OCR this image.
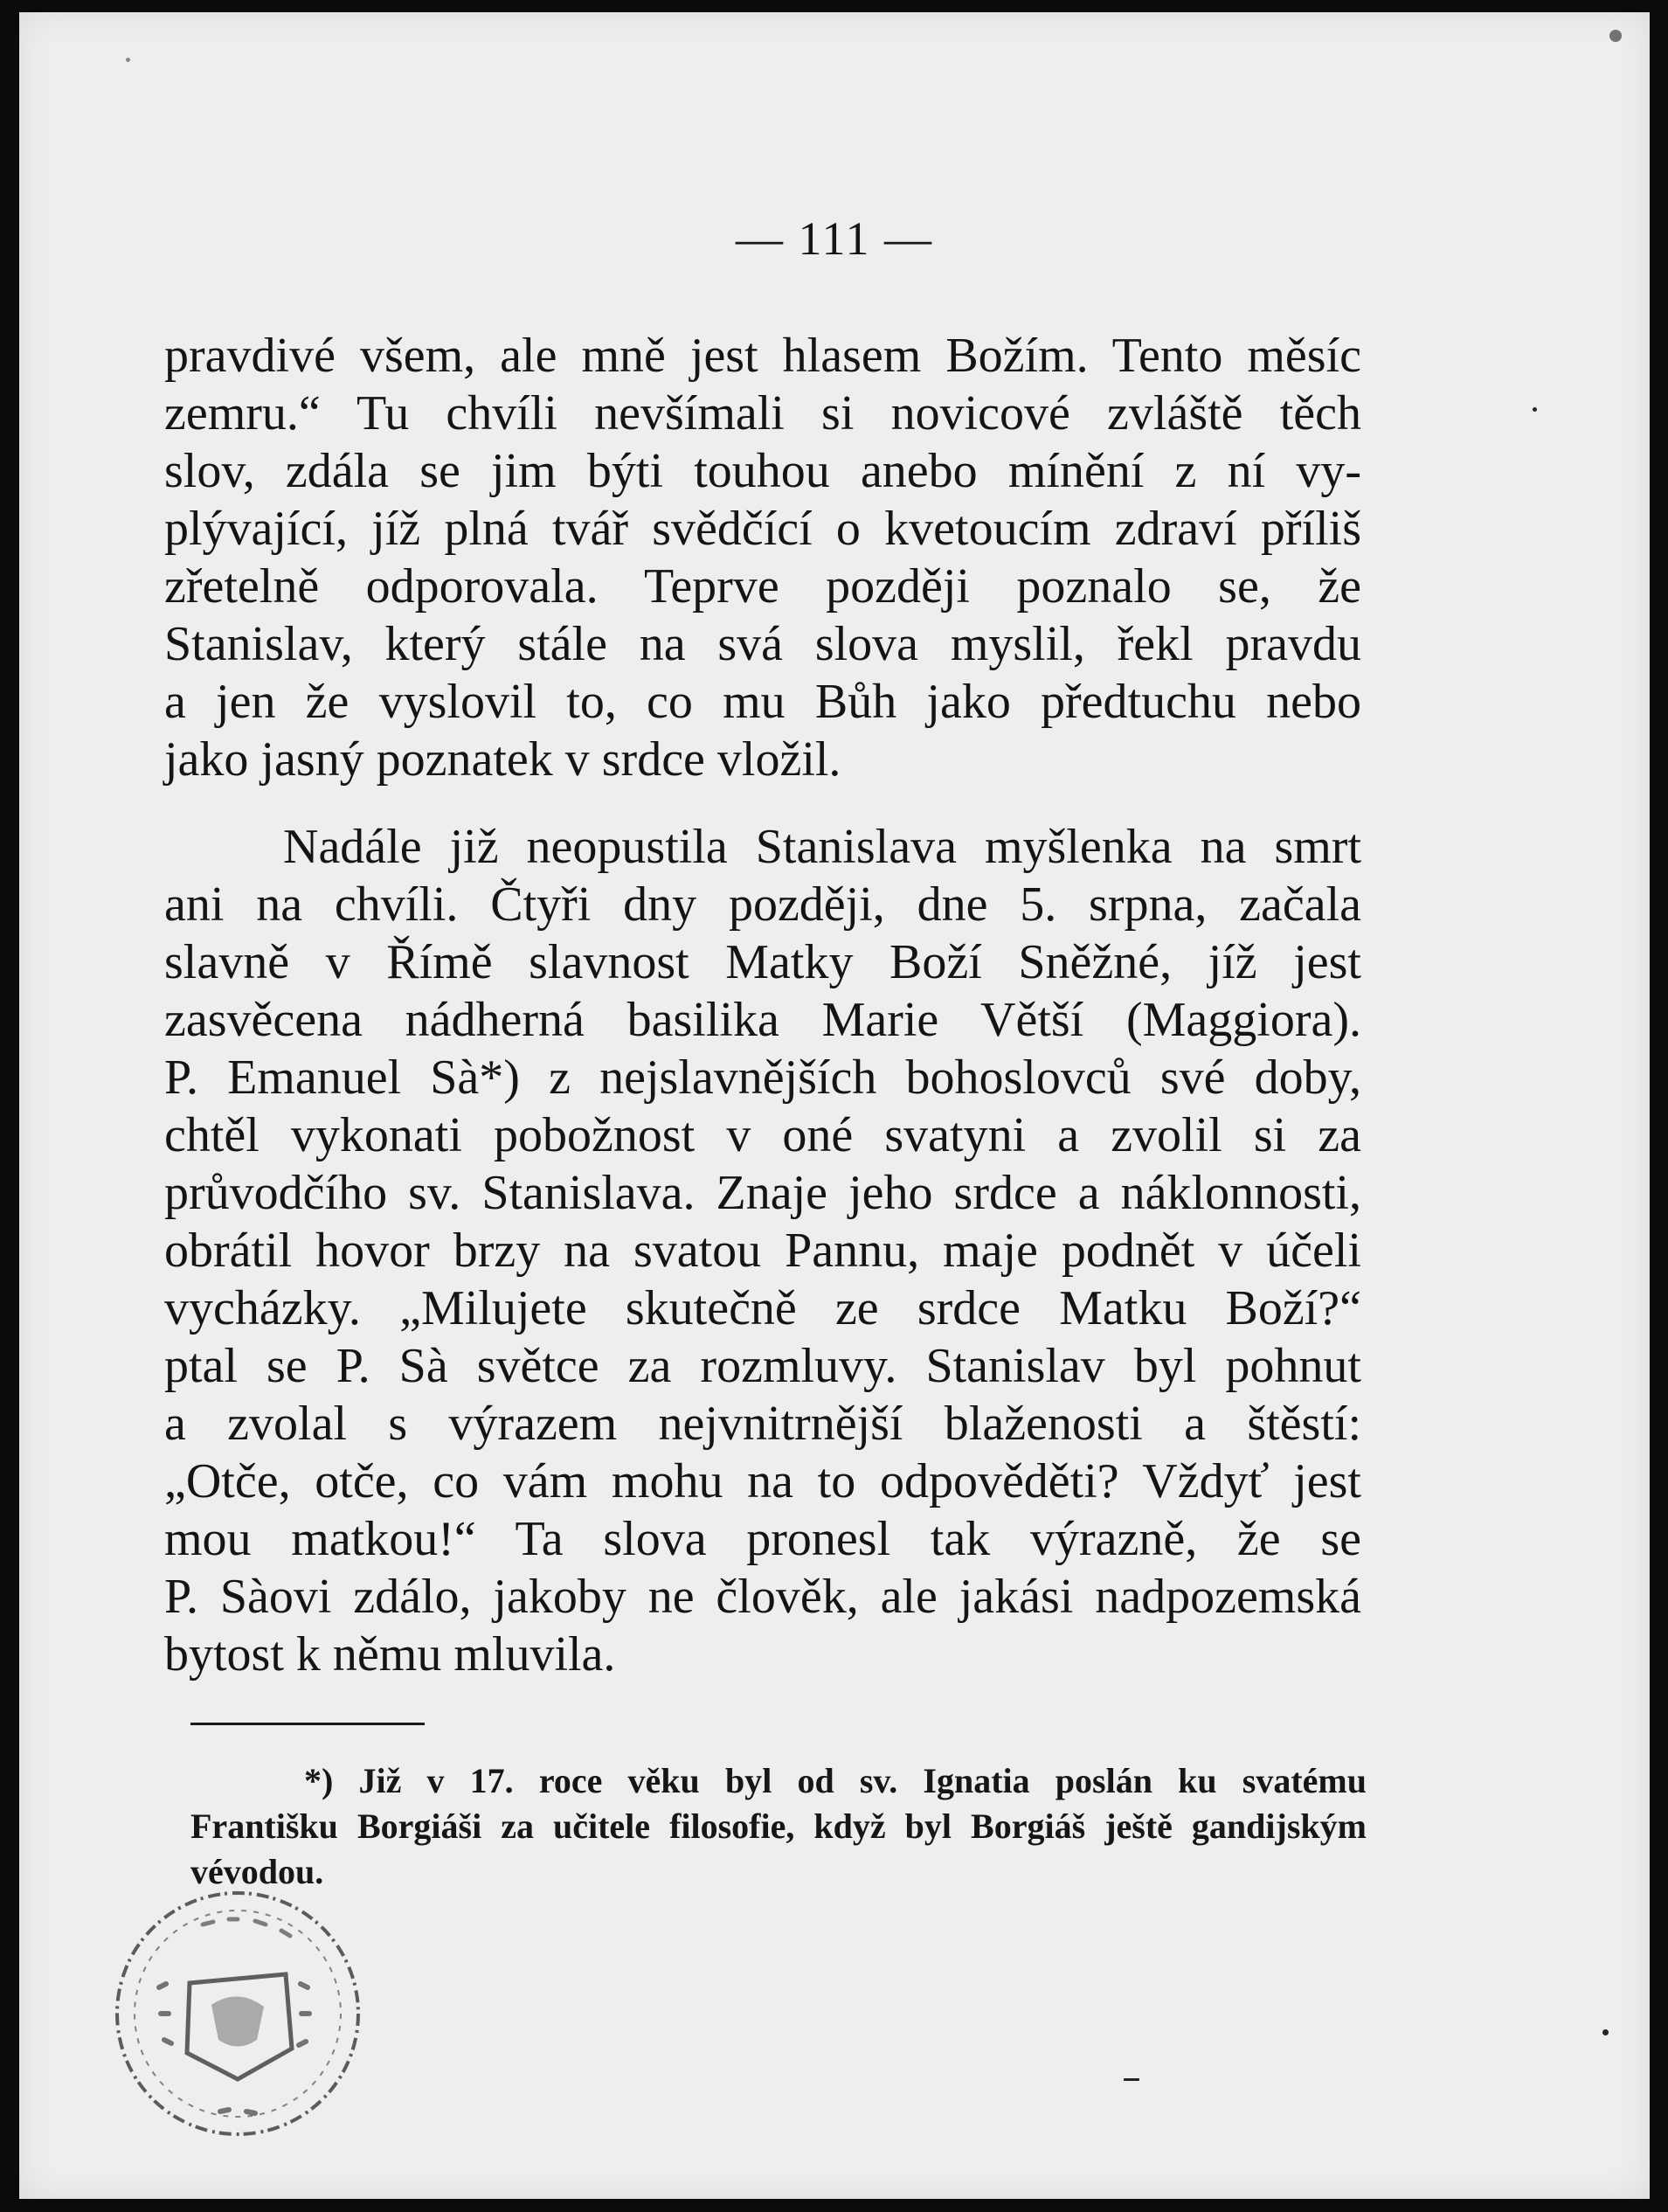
— 111 —
pravdivé všem, ale mně jest hlasem Božím. Tento měsíc
zemru.“ Tu chvíli nevšímali si novicové zvláště těch
slov, zdála se jim býti touhou anebo mínění z ní vy-
plývající, jíž plná tvář svědčící o kvetoucím zdraví příliš
zřetelně odporovala. Teprve později poznalo se, že
Stanislav, který stále na svá slova myslil, řekl pravdu
a jen že vyslovil to, co mu Bůh jako předtuchu nebo
jako jasný poznatek v srdce vložil.
Nadále již neopustila Stanislava myšlenka na smrt
ani na chvíli. Čtyři dny později, dne 5. srpna, začala
slavně v Římě slavnost Matky Boží Sněžné, jíž jest
zasvěcena nádherná basilika Marie Větší (Maggiora).
P. Emanuel Sà*) z nejslavnějších bohoslovců své doby,
chtěl vykonati pobožnost v oné svatyni a zvolil si za
průvodčího sv. Stanislava. Znaje jeho srdce a náklonnosti,
obrátil hovor brzy na svatou Pannu, maje podnět v účeli
vycházky. „Milujete skutečně ze srdce Matku Boží?“
ptal se P. Sà světce za rozmluvy. Stanislav byl pohnut
a zvolal s výrazem nejvnitrnější blaženosti a štěstí:
„Otče, otče, co vám mohu na to odpověděti? Vždyť jest
mou matkou!“ Ta slova pronesl tak výrazně, že se
P. Sàovi zdálo, jakoby ne člověk, ale jakási nadpozemská
bytost k němu mluvila.
*) Již v 17. roce věku byl od sv. Ignatia poslán ku svatému
Františku Borgiáši za učitele filosofie, když byl Borgiáš ještě gandijským
vévodou.
